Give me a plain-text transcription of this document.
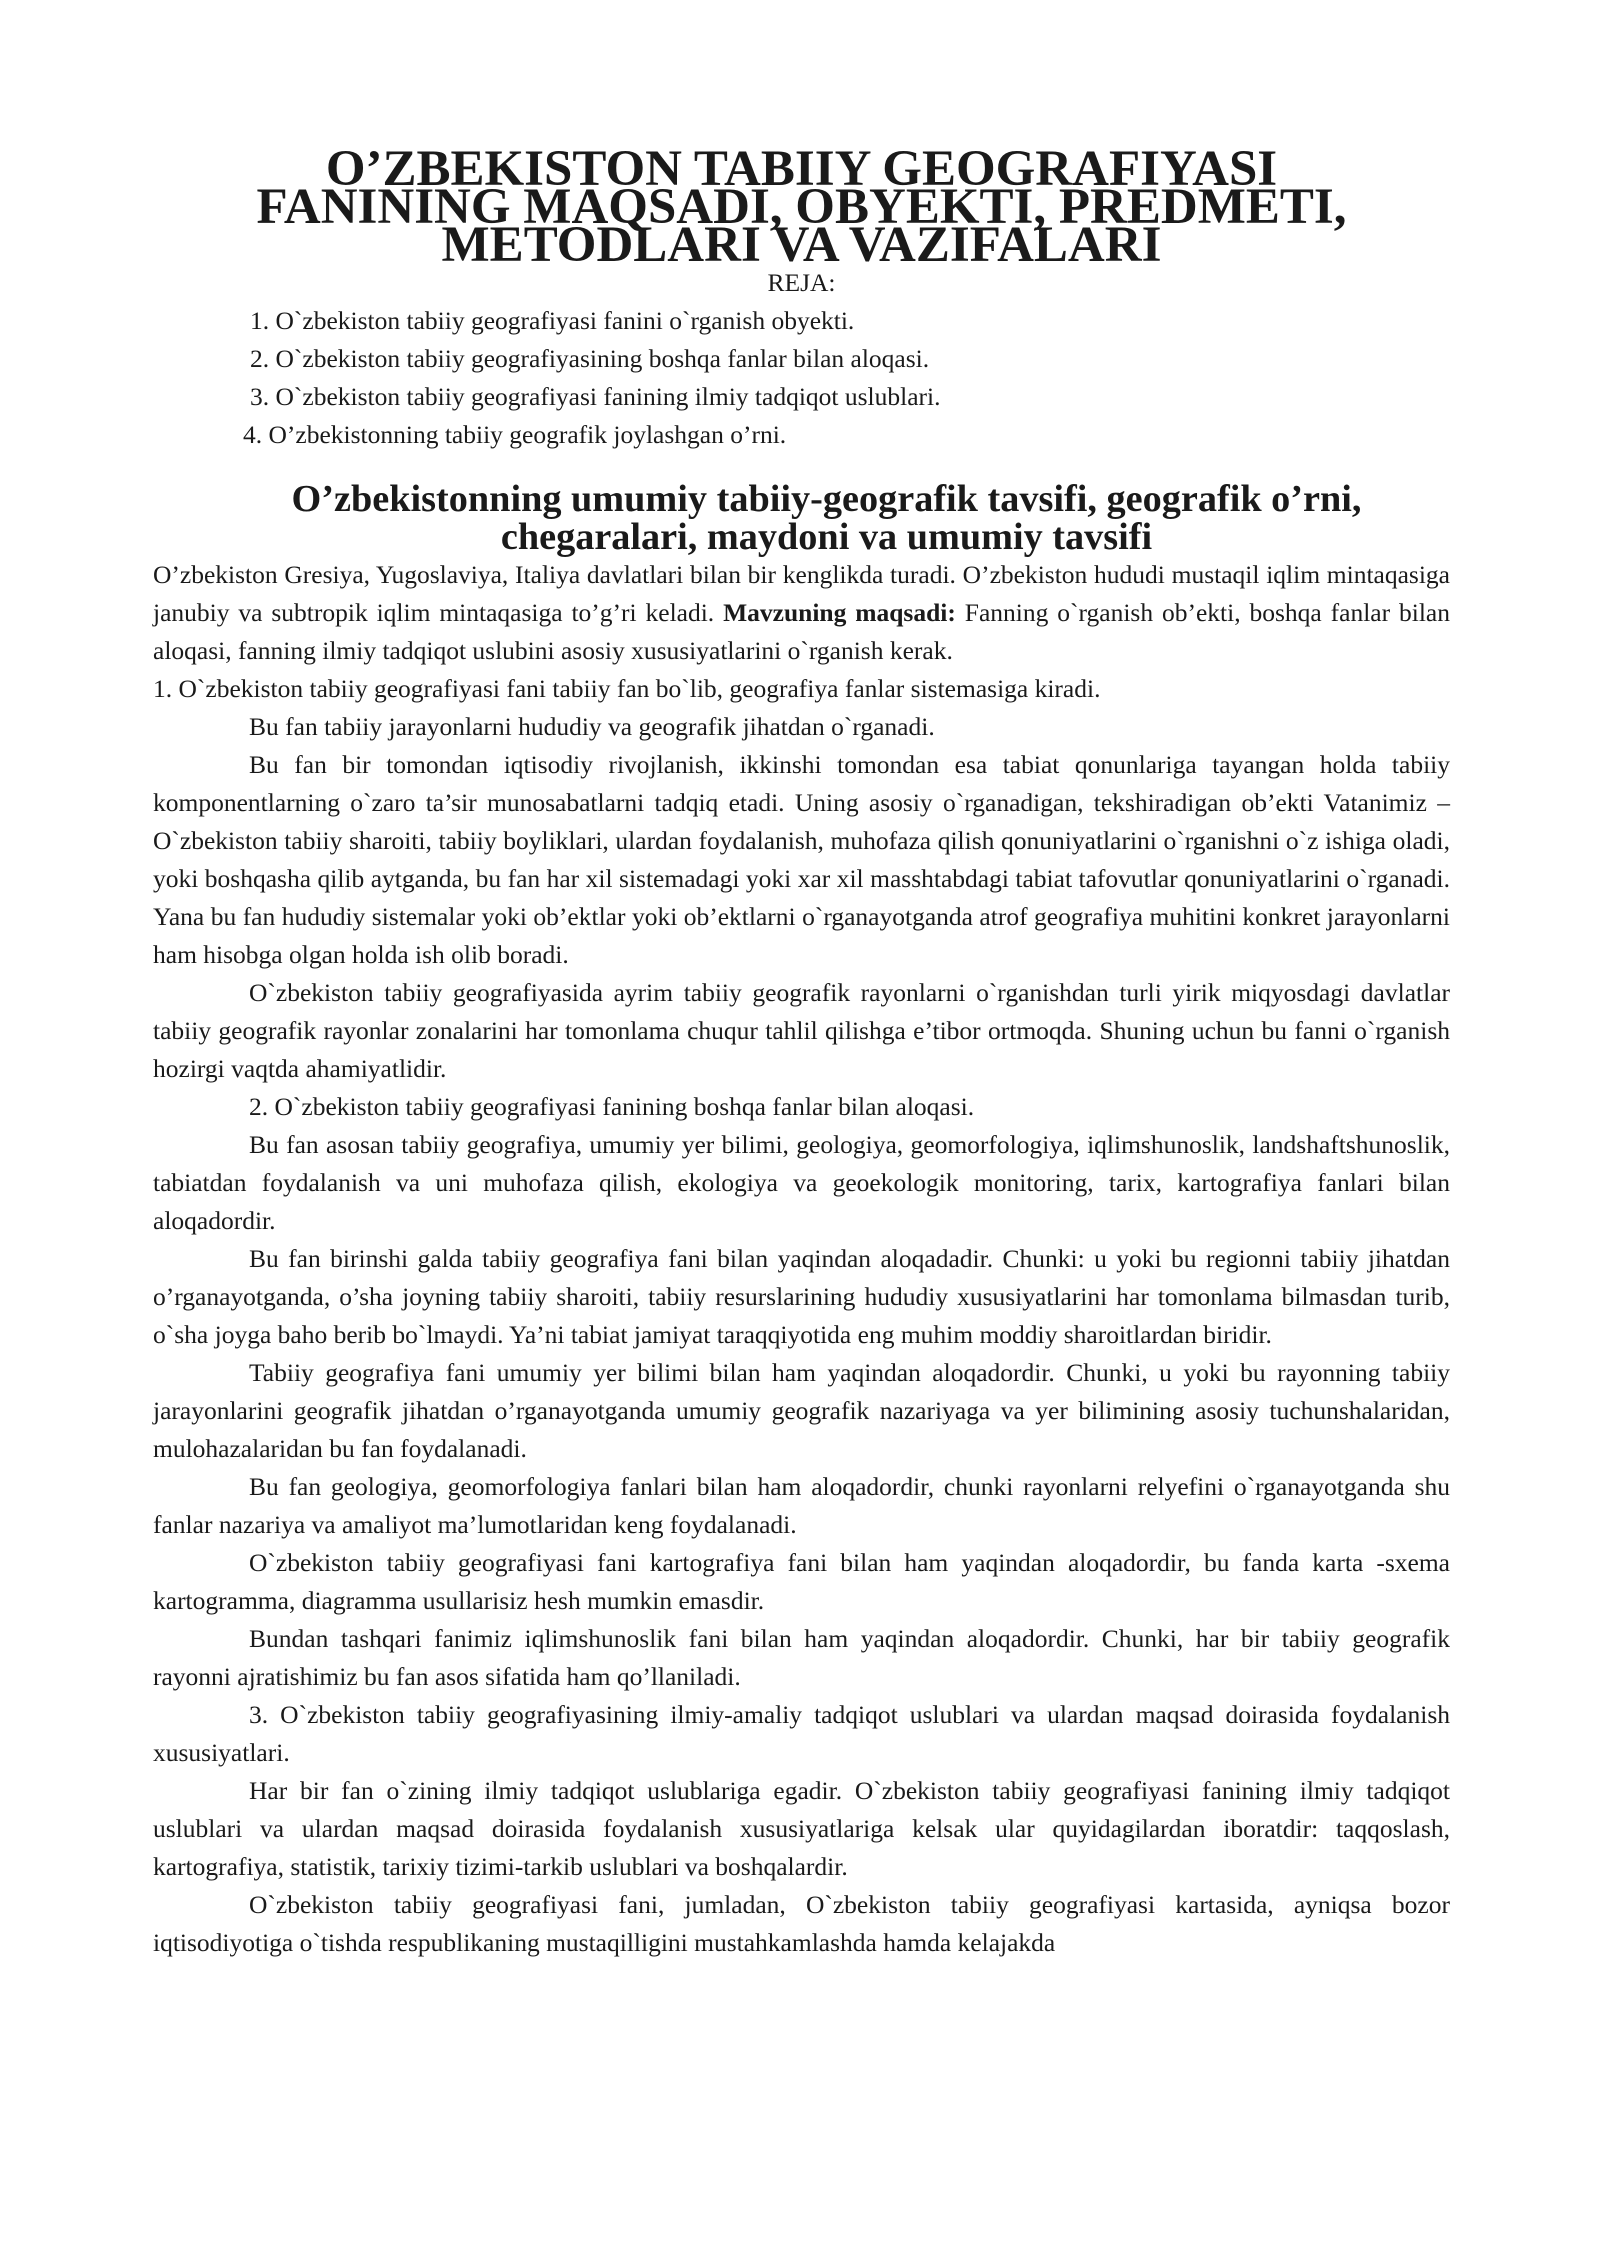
O’ZBEKISTON TABIIY GEOGRAFIYASI FANINING MAQSADI, OBYEKTI, PREDMETI, METODLARI VA VAZIFALARI
REJA:
1. O`zbekiston tabiiy geografiyasi fanini o`rganish obyekti.
2. O`zbekiston tabiiy geografiyasining boshqa fanlar bilan aloqasi.
3. O`zbekiston tabiiy geografiyasi fanining ilmiy tadqiqot uslublari.
4. O’zbekistonning tabiiy geografik joylashgan o’rni.
O’zbekistonning umumiy tabiiy-geografik tavsifi, geografik o’rni, chegaralari, maydoni va umumiy tavsifi

O’zbekiston Gresiya, Yugoslaviya, Italiya davlatlari bilan bir kenglikda turadi. O’zbekiston hududi mustaqil iqlim mintaqasiga janubiy va subtropik iqlim mintaqasiga to’g’ri keladi. Mavzuning maqsadi: Fanning o`rganish ob’ekti, boshqa fanlar bilan aloqasi, fanning ilmiy tadqiqot uslubini asosiy xususiyatlarini o`rganish kerak.

1. O`zbekiston tabiiy geografiyasi fani tabiiy fan bo`lib, geografiya fanlar sistemasiga kiradi.

Bu fan tabiiy jarayonlarni hududiy va geografik jihatdan o`rganadi.

Bu fan bir tomondan iqtisodiy rivojlanish, ikkinshi tomondan esa tabiat qonunlariga tayangan holda tabiiy komponentlarning o`zaro ta’sir munosabatlarni tadqiq etadi. Uning asosiy o`rganadigan, tekshiradigan ob’ekti Vatanimiz – O`zbekiston tabiiy sharoiti, tabiiy boyliklari, ulardan foydalanish, muhofaza qilish qonuniyatlarini o`rganishni o`z ishiga oladi, yoki boshqasha qilib aytganda, bu fan har xil sistemadagi yoki xar xil masshtabdagi tabiat tafovutlar qonuniyatlarini o`rganadi. Yana bu fan hududiy sistemalar yoki ob’ektlar yoki ob’ektlarni o`rganayotganda atrof geografiya muhitini konkret jarayonlarni ham hisobga olgan holda ish olib boradi.

O`zbekiston tabiiy geografiyasida ayrim tabiiy geografik rayonlarni o`rganishdan turli yirik miqyosdagi davlatlar tabiiy geografik rayonlar zonalarini har tomonlama chuqur tahlil qilishga e’tibor ortmoqda. Shuning uchun bu fanni o`rganish hozirgi vaqtda ahamiyatlidir.

2. O`zbekiston tabiiy geografiyasi fanining boshqa fanlar bilan aloqasi.

Bu fan asosan tabiiy geografiya, umumiy yer bilimi, geologiya, geomorfologiya, iqlimshunoslik, landshaftshunoslik, tabiatdan foydalanish va uni muhofaza qilish, ekologiya va geoekologik monitoring, tarix, kartografiya fanlari bilan aloqadordir.

Bu fan birinshi galda tabiiy geografiya fani bilan yaqindan aloqadadir. Chunki: u yoki bu regionni tabiiy jihatdan o’rganayotganda, o’sha joyning tabiiy sharoiti, tabiiy resurslarining hududiy xususiyatlarini har tomonlama bilmasdan turib, o`sha joyga baho berib bo`lmaydi. Ya’ni tabiat jamiyat taraqqiyotida eng muhim moddiy sharoitlardan biridir.

Tabiiy geografiya fani umumiy yer bilimi bilan ham yaqindan aloqadordir. Chunki, u yoki bu rayonning tabiiy jarayonlarini geografik jihatdan o’rganayotganda umumiy geografik nazariyaga va yer bilimining asosiy tuchunshalaridan, mulohazalaridan bu fan foydalanadi.

Bu fan geologiya, geomorfologiya fanlari bilan ham aloqadordir, chunki rayonlarni relyefini o`rganayotganda shu fanlar nazariya va amaliyot ma’lumotlaridan keng foydalanadi.

O`zbekiston tabiiy geografiyasi fani kartografiya fani bilan ham yaqindan aloqadordir, bu fanda karta -sxema kartogramma, diagramma usullarisiz hesh mumkin emasdir.

Bundan tashqari fanimiz iqlimshunoslik fani bilan ham yaqindan aloqadordir. Chunki, har bir tabiiy geografik rayonni ajratishimiz bu fan asos sifatida ham qo’llaniladi.

3. O`zbekiston tabiiy geografiyasining ilmiy-amaliy tadqiqot uslublari va ulardan maqsad doirasida foydalanish xususiyatlari.

Har bir fan o`zining ilmiy tadqiqot uslublariga egadir. O`zbekiston tabiiy geografiyasi fanining ilmiy tadqiqot uslublari va ulardan maqsad doirasida foydalanish xususiyatlariga kelsak ular quyidagilardan iboratdir: taqqoslash, kartografiya, statistik, tarixiy tizimi-tarkib uslublari va boshqalardir.

O`zbekiston tabiiy geografiyasi fani, jumladan, O`zbekiston tabiiy geografiyasi kartasida, ayniqsa bozor iqtisodiyotiga o`tishda respublikaning mustaqilligini mustahkamlashda hamda kelajakda
